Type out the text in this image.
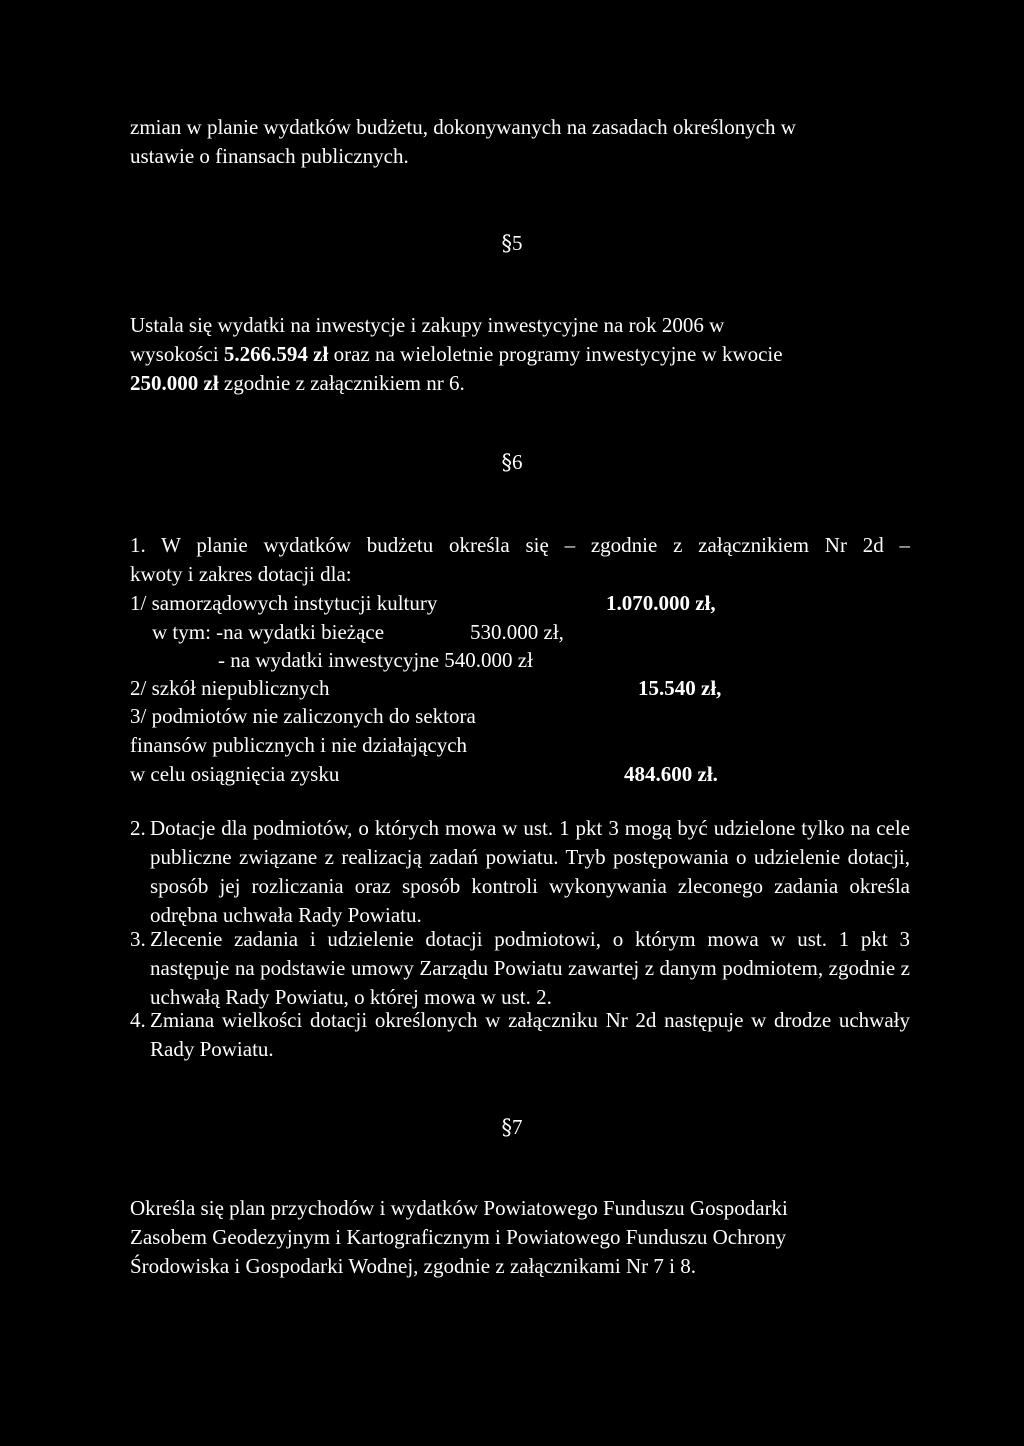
zmian w planie wydatków budżetu, dokonywanych na zasadach określonych w
ustawie o finansach publicznych.
§5
Ustala się wydatki na inwestycje i zakupy inwestycyjne na rok 2006 w
wysokości 5.266.594 zł oraz na wieloletnie programy inwestycyjne w kwocie
250.000 zł zgodnie z załącznikiem nr 6.
§6
1. W planie wydatków budżetu określa się – zgodnie z załącznikiem Nr 2d –
kwoty i zakres dotacji dla:
1/ samorządowych instytucji kultury	1.070.000 zł,
w tym: -na wydatki bieżące	530.000 zł,
- na wydatki inwestycyjne 540.000 zł
2/ szkół niepublicznych	15.540 zł,
3/ podmiotów nie zaliczonych do sektora
finansów publicznych i nie działających
w celu osiągnięcia zysku	484.600 zł.
2. Dotacje dla podmiotów, o których mowa w ust. 1 pkt 3 mogą być udzielone tylko na cele publiczne związane z realizacją zadań powiatu. Tryb postępowania o udzielenie dotacji, sposób jej rozliczania oraz sposób kontroli wykonywania zleconego zadania określa odrębna uchwała Rady Powiatu.
3. Zlecenie zadania i udzielenie dotacji podmiotowi, o którym mowa w ust. 1 pkt 3 następuje na podstawie umowy Zarządu Powiatu zawartej z danym podmiotem, zgodnie z uchwałą Rady Powiatu, o której mowa w ust. 2.
4. Zmiana wielkości dotacji określonych w załączniku Nr 2d następuje w drodze uchwały Rady Powiatu.
§7
Określa się plan przychodów i wydatków Powiatowego Funduszu Gospodarki
Zasobem Geodezyjnym i Kartograficznym i Powiatowego Funduszu Ochrony
Środowiska i Gospodarki Wodnej, zgodnie z załącznikami Nr 7 i 8.
